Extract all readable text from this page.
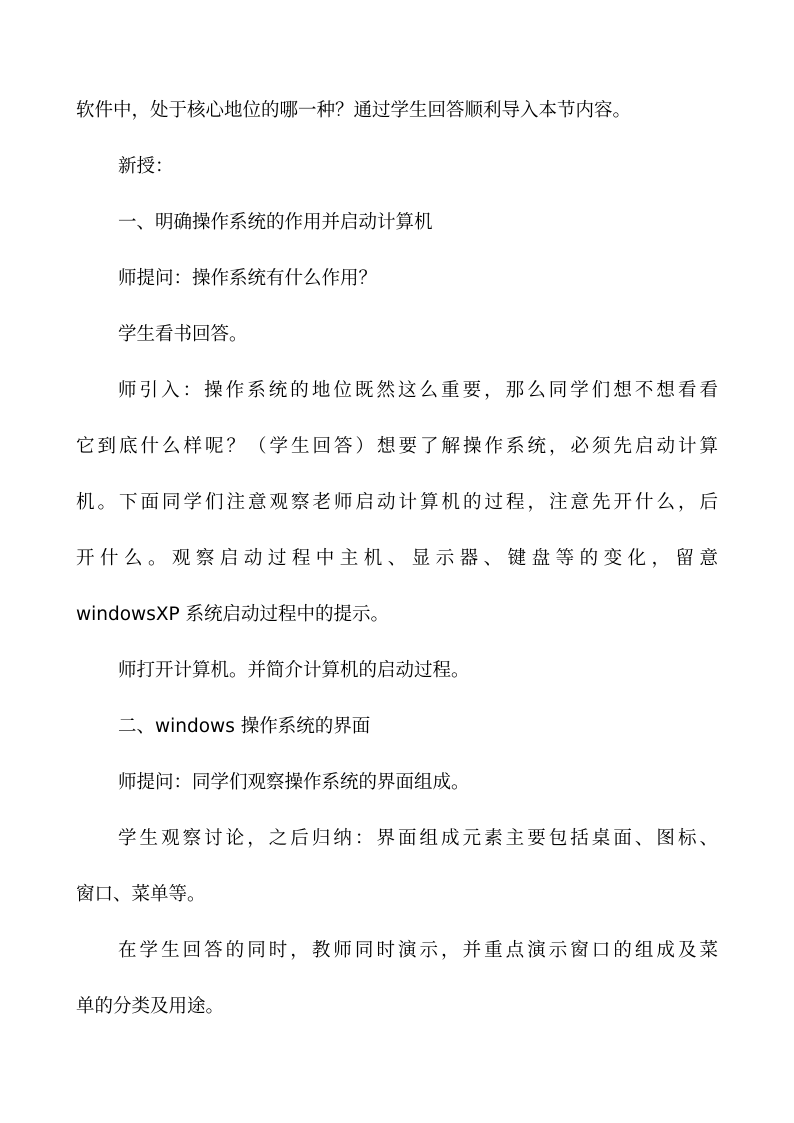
软件中，处于核心地位的哪一种？通过学生回答顺利导入本节内容。
新授：
一、明确操作系统的作用并启动计算机
师提问：操作系统有什么作用？
学生看书回答。
师引入：操作系统的地位既然这么重要，那么同学们想不想看看
它到底什么样呢？（学生回答）想要了解操作系统，必须先启动计算
机。下面同学们注意观察老师启动计算机的过程，注意先开什么，后
开什么。观察启动过程中主机、显示器、键盘等的变化，留意
windowsXP 系统启动过程中的提示。
师打开计算机。并简介计算机的启动过程。
二、windows 操作系统的界面
师提问：同学们观察操作系统的界面组成。
学生观察讨论，之后归纳：界面组成元素主要包括桌面、图标、
窗口、菜单等。
在学生回答的同时，教师同时演示，并重点演示窗口的组成及菜
单的分类及用途。
